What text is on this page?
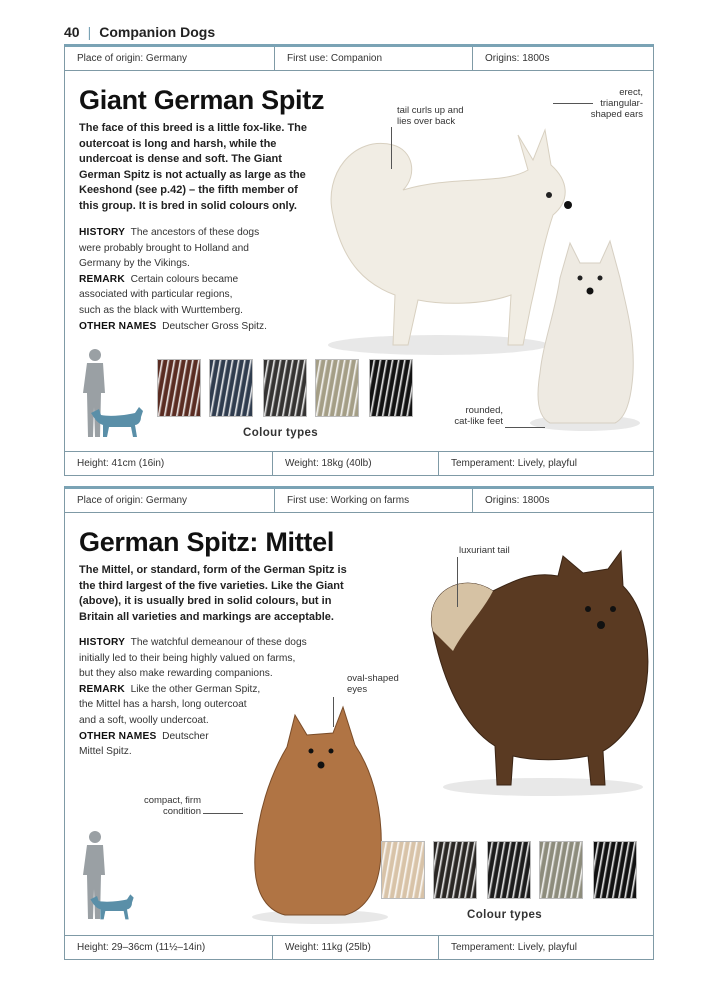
40 | Companion Dogs
Place of origin: Germany	First use: Companion	Origins: 1800s
Giant German Spitz
The face of this breed is a little fox-like. The
outercoat is long and harsh, while the
undercoat is dense and soft. The Giant
German Spitz is not actually as large as the
Keeshond (see p.42) – the fifth member of
this group. It is bred in solid colours only.
HISTORY The ancestors of these dogs
were probably brought to Holland and
Germany by the Vikings.
REMARK Certain colours became
associated with particular regions,
such as the black with Wurttemberg.
OTHER NAMES Deutscher Gross Spitz.
tail curls up and
lies over back
erect,
triangular-
shaped ears
rounded,
cat-like feet
Colour types
Height: 41cm (16in)	Weight: 18kg (40lb)	Temperament: Lively, playful
Place of origin: Germany	First use: Working on farms	Origins: 1800s
German Spitz: Mittel
The Mittel, or standard, form of the German Spitz is
the third largest of the five varieties. Like the Giant
(above), it is usually bred in solid colours, but in
Britain all varieties and markings are acceptable.
HISTORY The watchful demeanour of these dogs
initially led to their being highly valued on farms,
but they also make rewarding companions.
REMARK Like the other German Spitz,
the Mittel has a harsh, long outercoat
and a soft, woolly undercoat.
OTHER NAMES Deutscher
Mittel Spitz.
luxuriant tail
oval-shaped
eyes
compact, firm
condition
Colour types
Height: 29–36cm (11½–14in)	Weight: 11kg (25lb)	Temperament: Lively, playful
